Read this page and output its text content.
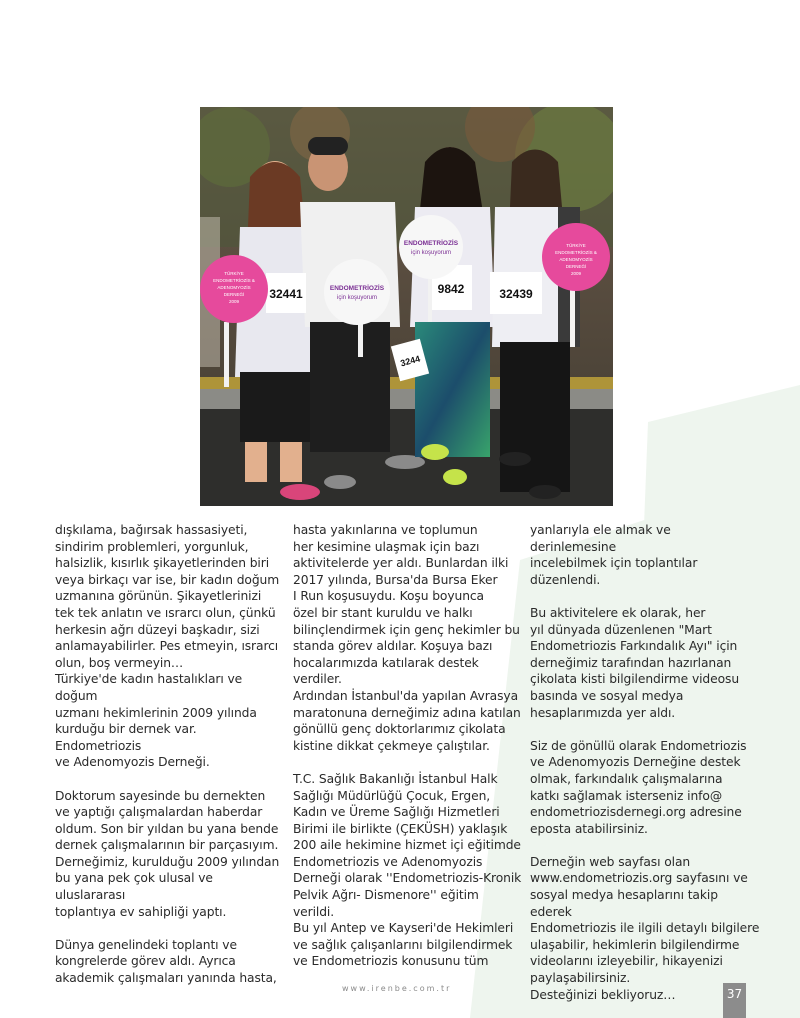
32441	32439
9842
3244
TÜRKİYE
ENDOMETRİOZİS &
ADENOMYOZİS
DERNEĞİ
2009
ENDOMETRİOZİS
için koşuyorum
ENDOMETRİOZİS
için koşuyorum
TÜRKİYE
ENDOMETRİOZİS &
ADENOMYOZİS
DERNEĞİ
2009
dışkılama, bağırsak hassasiyeti,
sindirim problemleri, yorgunluk,
halsizlik, kısırlık şikayetlerinden biri
veya birkaçı var ise, bir kadın doğum
uzmanına görünün. Şikayetlerinizi
tek tek anlatın ve ısrarcı olun, çünkü
herkesin ağrı düzeyi başkadır, sizi
anlamayabilirler. Pes etmeyin, ısrarcı
olun, boş vermeyin…
Türkiye'de kadın hastalıkları ve doğum
uzmanı hekimlerinin 2009 yılında
kurduğu bir dernek var. Endometriozis
ve Adenomyozis Derneği.

Doktorum sayesinde bu dernekten
ve yaptığı çalışmalardan haberdar
oldum. Son bir yıldan bu yana bende
dernek çalışmalarının bir parçasıyım.
Derneğimiz, kurulduğu 2009 yılından
bu yana pek çok ulusal ve uluslararası
toplantıya ev sahipliği yaptı.

Dünya genelindeki toplantı ve
kongrelerde görev aldı. Ayrıca
akademik çalışmaları yanında hasta,
hasta yakınlarına ve toplumun
her kesimine ulaşmak için bazı
aktivitelerde yer aldı. Bunlardan ilki
2017 yılında, Bursa'da Bursa Eker
I Run koşusuydu. Koşu boyunca
özel bir stant kuruldu ve halkı
bilinçlendirmek için genç hekimler bu
standa görev aldılar. Koşuya bazı
hocalarımızda katılarak destek verdiler.
Ardından İstanbul'da yapılan Avrasya
maratonuna derneğimiz adına katılan
gönüllü genç doktorlarımız çikolata
kistine dikkat çekmeye çalıştılar.

T.C. Sağlık Bakanlığı İstanbul Halk
Sağlığı Müdürlüğü Çocuk, Ergen,
Kadın ve Üreme Sağlığı Hizmetleri
Birimi ile birlikte (ÇEKÜSH) yaklaşık
200 aile hekimine hizmet içi eğitimde
Endometriozis ve Adenomyozis
Derneği olarak ''Endometriozis-Kronik
Pelvik Ağrı- Dismenore'' eğitim verildi.
Bu yıl Antep ve Kayseri'de Hekimleri
ve sağlık çalışanlarını bilgilendirmek
ve Endometriozis konusunu tüm
yanlarıyla ele almak ve derinlemesine
incelebilmek için toplantılar
düzenlendi.

Bu aktivitelere ek olarak, her
yıl dünyada düzenlenen "Mart
Endometriozis Farkındalık Ayı" için
derneğimiz tarafından hazırlanan
çikolata kisti bilgilendirme videosu
basında ve sosyal medya
hesaplarımızda yer aldı.

Siz de gönüllü olarak Endometriozis
ve Adenomyozis Derneğine destek
olmak, farkındalık çalışmalarına
katkı sağlamak isterseniz info@
endometriozisdernegi.org adresine
eposta atabilirsiniz.

Derneğin web sayfası olan
www.endometriozis.org sayfasını ve
sosyal medya hesaplarını takip ederek
Endometriozis ile ilgili detaylı bilgilere
ulaşabilir, hekimlerin bilgilendirme
videolarını izleyebilir, hikayenizi
paylaşabilirsiniz.
Desteğinizi bekliyoruz…
www.irenbe.com.tr	37
